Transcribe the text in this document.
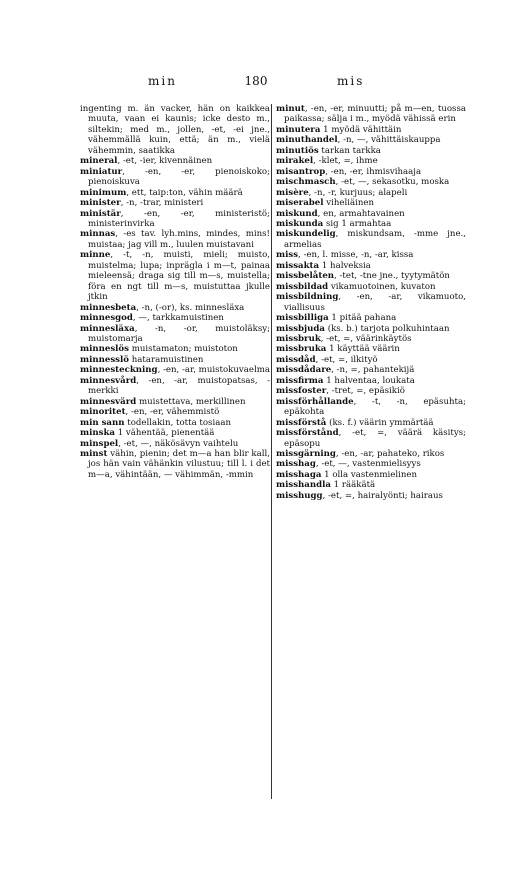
min	180	mis
ingenting m. än vacker, hän on kaikkea muuta, vaan ei kaunis; icke desto m., siltekin; med m., jollen, -et, -ei jne., vähemmällä kuin, että; än m., vielä vähemmin, saatikka
mineral, -et, -ier, kivennäinen
miniatur, -en, -er, pienoiskoko; pienoiskuva
minimum, ett, taip:ton, vähin määrä
minister, -n, -trar, ministeri
ministär, -en, -er, ministeristö; ministerinvirka
minnas, -es tav. lyh.mins, mindes, mins! muistaa; jag vill m., luulen muistavani
minne, -t, -n, muisti, mieli; muisto, muistelma; lupa; inprägla i m—t, painaa mieleensä; draga sig till m—s, muistella; föra en ngt till m—s, muistuttaa jkulle jtkin
minnesbeta, -n, (-or), ks. minnesläxa
minnesgod, —, tarkkamuistinen
minnesläxa, -n, -or, muistoläksy; muistomarja
minneslös muistamaton; muistoton
minnesslö hataramuistinen
minnesteckning, -en, -ar, muistokuvaelma
minnesvård, -en, -ar, muistopatsas, -merkki
minnesvärd muistettava, merkillinen
minoritet, -en, -er, vähemmistö
min sann todellakin, totta tosiaan
minska 1 vähentää, pienentää
minspel, -et, —, näkösävyn vaihtelu
minst vähin, pienin; det m—a han blir kall, jos hän vain vähänkin vilustuu; till l. i det m—a, vähintään, — vähimmän, -mmin
minut, -en, -er, minuutti; på m—en, tuossa paikassa; sälja i m., myödä vähissä erin
minutera 1 myödä vähittäin
minuthandel, -n, —, vähittäiskauppa
minutiös tarkan tarkka
mirakel, -klet, =, ihme
misantrop, -en, -er, ihmisvihaaja
mischmasch, -et, —, sekasotku, moska
misère, -n, -r, kurjuus; alapeli
miserabel viheliäinen
miskund, en, armahtavainen
miskunda sig 1 armahtaa
miskundelig, miskundsam, -mme jne., armelias
miss, -en, l. misse, -n, -ar, kissa
missakta 1 halveksia
missbelåten, -tet, -tne jne., tyytymätön
missbildad vikamuotoinen, kuvaton
missbildning, -en, -ar, vikamuoto, viallisuus
missbilliga 1 pitää pahana
missbjuda (ks. b.) tarjota polkuhintaan
missbruk, -et, =, väärinkäytös
missbruka 1 käyttää väärin
missdåd, -et, =, ilkityö
missdådare, -n, =, pahantekijä
missfirma 1 halventaa, loukata
missfoster, -tret, =, epäsikiö
missförhållande, -t, -n, epäsuhta; epäkohta
missförstå (ks. f.) väärin ymmärtää
missförstånd, -et, =, väärä käsitys; epäsopu
missgärning, -en, -ar, pahateko, rikos
misshag, -et, —, vastenmielisyys
misshaga 1 olla vastenmielinen
misshandla 1 rääkätä
misshugg, -et, =, hairalyönti; hairaus
